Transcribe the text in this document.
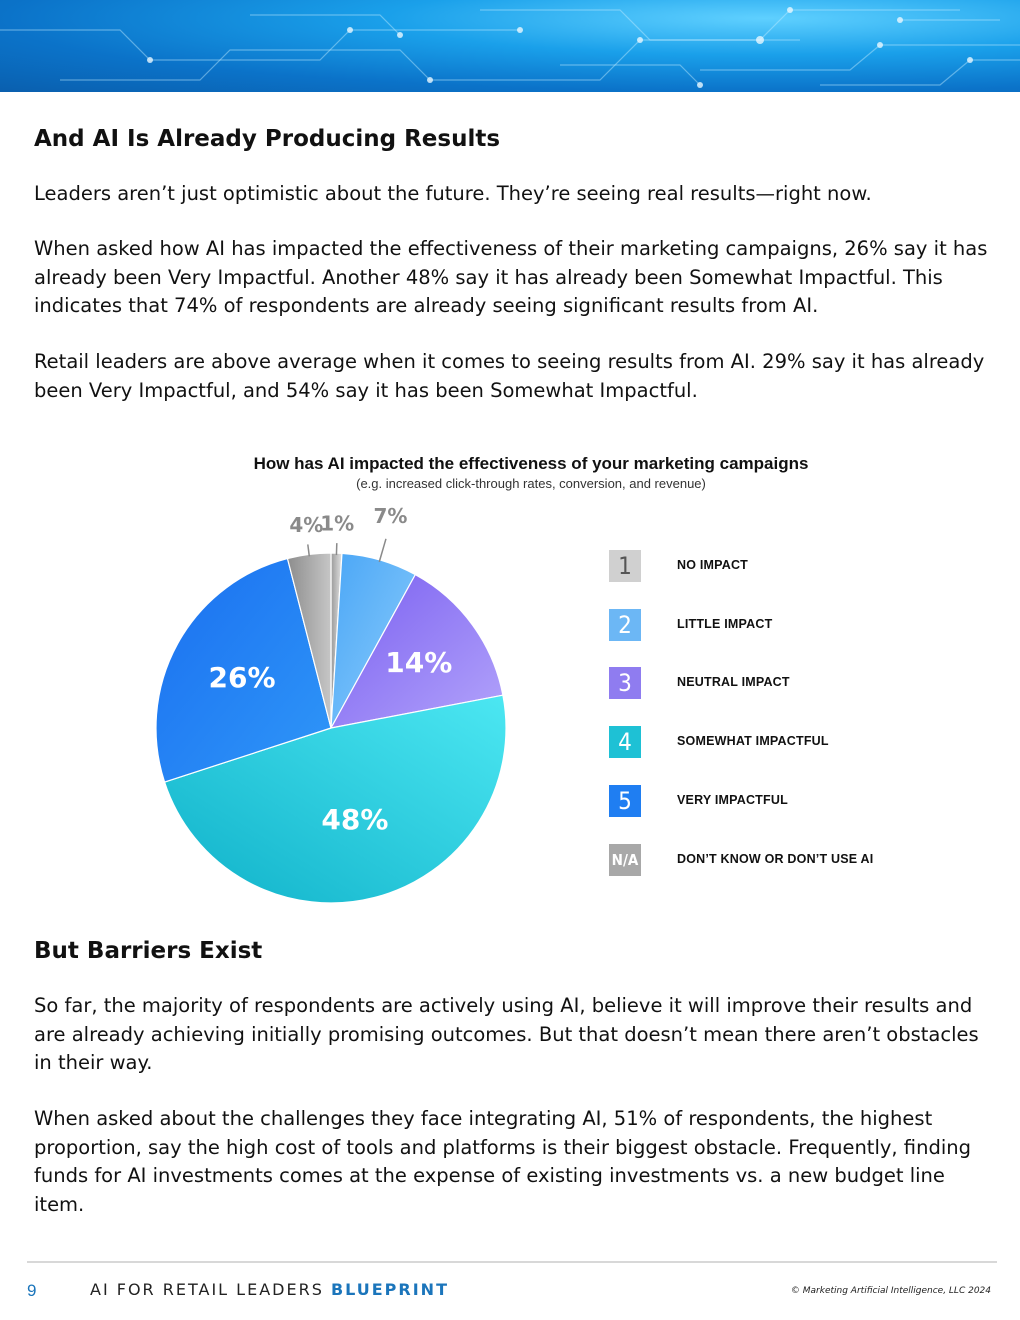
And AI Is Already Producing Results

Leaders aren’t just optimistic about the future. They’re seeing real results—right now.

When asked how AI has impacted the effectiveness of their marketing campaigns, 26% say it has already been Very Impactful. Another 48% say it has already been Somewhat Impactful. This indicates that 74% of respondents are already seeing significant results from AI.

Retail leaders are above average when it comes to seeing results from AI. 29% say it has already been Very Impactful, and 54% say it has been Somewhat Impactful.

How has AI impacted the effectiveness of your marketing campaigns
(e.g. increased click-through rates, conversion, and revenue)
1% 7%
14%
48%
26%
4%
1	NO IMPACT
2	LITTLE IMPACT
3	NEUTRAL IMPACT
4	SOMEWHAT IMPACTFUL
5	VERY IMPACTFUL
N/A	DON’T KNOW OR DON’T USE AI
But Barriers Exist

So far, the majority of respondents are actively using AI, believe it will improve their results and are already achieving initially promising outcomes. But that doesn’t mean there aren’t obstacles in their way.

When asked about the challenges they face integrating AI, 51% of respondents, the highest proportion, say the high cost of tools and platforms is their biggest obstacle. Frequently, finding funds for AI investments comes at the expense of existing investments vs. a new budget line item.

9	AI FOR RETAIL LEADERS BLUEPRINT	© Marketing Artificial Intelligence, LLC 2024
